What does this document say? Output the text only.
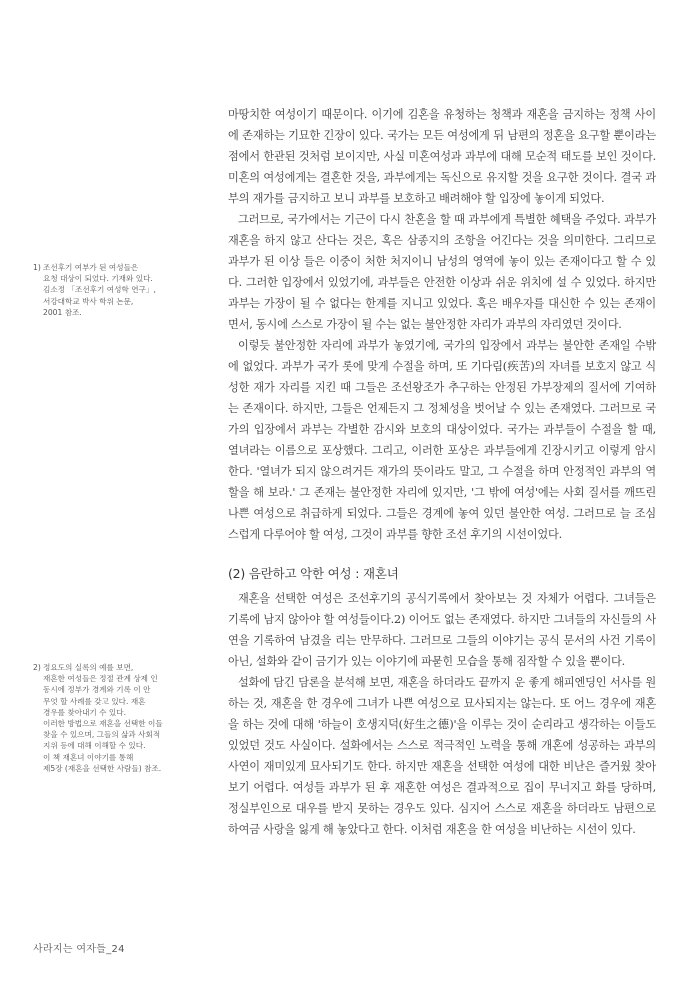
1) 조선후기 여부가 된 여성들은
요청 대상이 되었다. 기재와 있다.
김소정 「조선후기 여성학 연구」,
서강대학교 박사 학위 논문,
2001 참조.
2) 정요도의 실록의 예를 보면,
재혼한 여성들은 정절 관계 상제 인
동시에 정부가 경계와 기록 이 안
무엇 할 사례를 갖고 있다. 재혼
경우를 찾아내기 수 있다.
이러한 방법으로 재혼을 선택한 이들
찾을 수 있으며, 그들의 삶과 사회적
지위 등에 대해 이해할 수 있다.
이 책 재혼녀 이야기를 통해
제5장 (재혼을 선택한 사람들) 참조.

마땅치한 여성이기 때문이다. 이기에 김혼을 유청하는 청책과 재혼을 금지하는 정책 사이에 존재하는 기묘한 긴장이 있다. 국가는 모든 여성에게 뒤 남편의 정혼을 요구할 뿐이라는 점에서 한관된 것처럼 보이지만, 사실 미혼여성과 과부에 대해 모순적 태도를 보인 것이다. 미혼의 여성에게는 결혼한 것을, 과부에게는 독신으로 유지할 것을 요구한 것이다. 결국 과부의 재가를 금지하고 보니 과부를 보호하고 배려해야 할 입장에 놓이게 되었다.

그러므로, 국가에서는 기근이 다시 찬혼을 할 때 과부에게 특별한 혜택을 주었다. 과부가 재혼을 하지 않고 산다는 것은, 혹은 삼종지의 조항을 어긴다는 것을 의미한다. 그리므로 과부가 된 이상 들은 이중이 처한 처지이니 남성의 영역에 놓이 있는 존재이다고 할 수 있다. 그러한 입장에서 있었기에, 과부들은 안전한 이상과 쉬운 위치에 설 수 있었다. 하지만 과부는 가장이 될 수 없다는 한계를 지니고 있었다. 혹은 배우자를 대신한 수 있는 존재이면서, 동시에 스스로 가장이 될 수는 없는 불안정한 자리가 과부의 자리였던 것이다.

이렇듯 불안정한 자리에 과부가 놓였기에, 국가의 입장에서 과부는 불안한 존재일 수밖에 없었다. 과부가 국가 롯에 맞게 수절을 하며, 또 기다림(疾苦)의 자녀를 보호지 않고 식성한 재가 자리를 지킨 때 그들은 조선왕조가 추구하는 안정된 가부장제의 질서에 기여하는 존재이다. 하지만, 그들은 언제든지 그 정체성을 벗어날 수 있는 존재였다. 그러므로 국가의 입장에서 과부는 각별한 감시와 보호의 대상이었다. 국가는 과부들이 수절을 할 때, 열녀라는 이름으로 포상했다. 그리고, 이러한 포상은 과부들에게 긴장시키고 이렇게 암시한다. '열녀가 되지 않으려거든 재가의 뜻이라도 말고, 그 수절을 하며 안정적인 과부의 역할을 해 보라.' 그 존재는 불안정한 자리에 있지만, '그 밖에 여성'에는 사회 질서를 깨뜨린 나쁜 여성으로 취급하게 되었다. 그들은 경계에 놓여 있던 불안한 여성. 그러므로 늘 조심스럽게 다루어야 할 여성, 그것이 과부를 향한 조선 후기의 시선이었다.

(2) 음란하고 악한 여성 : 재혼녀

재혼을 선택한 여성은 조선후기의 공식기록에서 찾아보는 것 자체가 어렵다. 그녀들은 기록에 남지 않아야 할 여성들이다.2) 이어도 없는 존재였다. 하지만 그녀들의 자신들의 사연을 기록하여 남겼을 리는 만무하다. 그러므로 그들의 이야기는 공식 문서의 사건 기록이 아닌, 설화와 같이 금기가 있는 이야기에 파묻힌 모습을 통해 짐작할 수 있을 뿐이다.

설화에 담긴 담론을 분석해 보면, 재혼을 하더라도 끝까지 운 좋게 해피엔딩인 서사를 원하는 것, 재혼을 한 경우에 그녀가 나쁜 여성으로 묘사되지는 않는다. 또 어느 경우에 재혼을 하는 것에 대해 '하늘이 호생지덕(好生之德)'을 이루는 것이 순리라고 생각하는 이들도 있었던 것도 사실이다. 설화에서는 스스로 적극적인 노력을 통해 개혼에 성공하는 과부의 사연이 재미있게 묘사되기도 한다. 하지만 재혼을 선택한 여성에 대한 비난은 즐거웠 찾아보기 어렵다. 여성들 과부가 된 후 재혼한 여성은 결과적으로 집이 무너지고 화를 당하며, 정실부인으로 대우를 받지 못하는 경우도 있다. 심지어 스스로 재혼을 하더라도 남편으로 하여금 사랑을 잃게 해 놓았다고 한다. 이처럼 재혼을 한 여성을 비난하는 시선이 있다.

사라지는 여자들_24
